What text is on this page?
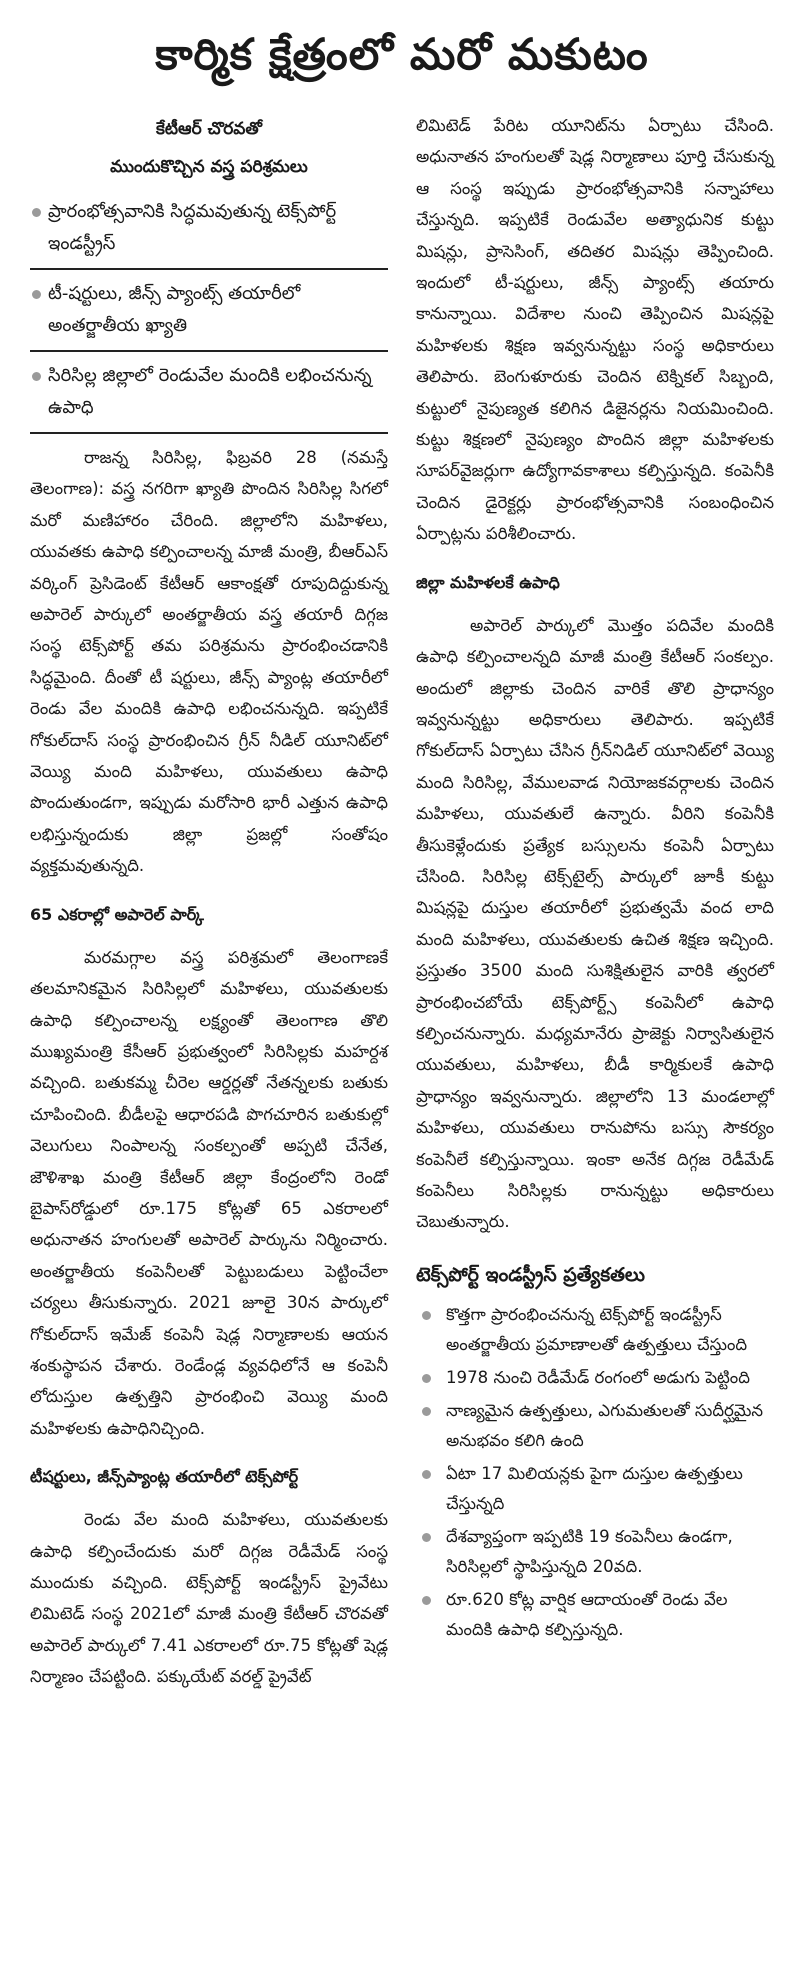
కార్మిక క్షేత్రంలో మరో మకుటం

కేటీఆర్ చొరవతో

ముందుకొచ్చిన వస్త్ర పరిశ్రమలు

ప్రారంభోత్సవానికి సిద్ధమవుతున్న టెక్స్‌పోర్ట్ ఇండస్ట్రీస్
టీ-షర్టులు, జీన్స్ ప్యాంట్స్ తయారీలో అంతర్జాతీయ ఖ్యాతి
సిరిసిల్ల జిల్లాలో రెండువేల మందికి లభించనున్న ఉపాధి

రాజన్న సిరిసిల్ల, ఫిబ్రవరి 28 (నమస్తే తెలంగాణ): వస్త్ర నగరిగా ఖ్యాతి పొందిన సిరిసిల్ల సిగలో మరో మణిహారం చేరింది. జిల్లాలోని మహిళలు, యువతకు ఉపాధి కల్పించాలన్న మాజీ మంత్రి, బీఆర్ఎస్ వర్కింగ్ ప్రెసిడెంట్ కేటీఆర్ ఆకాంక్షతో రూపుదిద్దుకున్న అపారెల్ పార్కులో అంతర్జాతీయ వస్త్ర తయారీ దిగ్గజ సంస్థ టెక్స్‌పోర్ట్ తమ పరిశ్రమను ప్రారంభించడానికి సిద్ధమైంది. దీంతో టీ షర్టులు, జీన్స్ ప్యాంట్ల తయారీలో రెండు వేల మందికి ఉపాధి లభించనున్నది. ఇప్పటికే గోకుల్‌దాస్ సంస్థ ప్రారంభించిన గ్రీన్ నీడిల్ యూనిట్‌లో వెయ్యి మంది మహిళలు, యువతులు ఉపాధి పొందుతుండగా, ఇప్పుడు మరోసారి భారీ ఎత్తున ఉపాధి లభిస్తున్నందుకు జిల్లా ప్రజల్లో సంతోషం వ్యక్తమవుతున్నది.

65 ఎకరాల్లో అపారెల్ పార్క్

మరమగ్గాల వస్త్ర పరిశ్రమలో తెలంగాణకే తలమానికమైన సిరిసిల్లలో మహిళలు, యువతులకు ఉపాధి కల్పించాలన్న లక్ష్యంతో తెలంగాణ తొలి ముఖ్యమంత్రి కేసీఆర్ ప్రభుత్వంలో సిరిసిల్లకు మహర్దశ వచ్చింది. బతుకమ్మ చీరెల ఆర్డర్లతో నేతన్నలకు బతుకు చూపించింది. బీడీలపై ఆధారపడి పొగచూరిన బతుకుల్లో వెలుగులు నింపాలన్న సంకల్పంతో అప్పటి చేనేత, జౌళిశాఖ మంత్రి కేటీఆర్ జిల్లా కేంద్రంలోని రెండో బైపాస్‌రోడ్డులో రూ.175 కోట్లతో 65 ఎకరాలలో అధునాతన హంగులతో అపారెల్ పార్కును నిర్మించారు. అంతర్జాతీయ కంపెనీలతో పెట్టుబడులు పెట్టించేలా చర్యలు తీసుకున్నారు. 2021 జూలై 30న పార్కులో గోకుల్‌దాస్ ఇమేజ్ కంపెనీ షెడ్ల నిర్మాణాలకు ఆయన శంకుస్థాపన చేశారు. రెండేండ్ల వ్యవధిలోనే ఆ కంపెనీ లోదుస్తుల ఉత్పత్తిని ప్రారంభించి వెయ్యి మంది మహిళలకు ఉపాధినిచ్చింది.

టీషర్టులు, జీన్స్‌ప్యాంట్ల తయారీలో టెక్స్‌పోర్ట్

రెండు వేల మంది మహిళలు, యువతులకు ఉపాధి కల్పించేందుకు మరో దిగ్గజ రెడీమేడ్ సంస్థ ముందుకు వచ్చింది. టెక్స్‌పోర్ట్ ఇండస్ట్రీస్ ప్రైవేటు లిమిటెడ్ సంస్థ 2021లో మాజీ మంత్రి కేటీఆర్ చొరవతో అపారెల్ పార్కులో 7.41 ఎకరాలలో రూ.75 కోట్లతో షెడ్ల నిర్మాణం చేపట్టింది. పక్కుయేట్ వరల్డ్ ప్రైవేట్

లిమిటెడ్ పేరిట యూనిట్‌ను ఏర్పాటు చేసింది. అధునాతన హంగులతో షెడ్ల నిర్మాణాలు పూర్తి చేసుకున్న ఆ సంస్థ ఇప్పుడు ప్రారంభోత్సవానికి సన్నాహాలు చేస్తున్నది. ఇప్పటికే రెండువేల అత్యాధునిక కుట్టు మిషన్లు, ప్రాసెసింగ్, తదితర మిషన్లు తెప్పించింది. ఇందులో టీ-షర్టులు, జీన్స్ ప్యాంట్స్ తయారు కానున్నాయి. విదేశాల నుంచి తెప్పించిన మిషన్లపై మహిళలకు శిక్షణ ఇవ్వనున్నట్టు సంస్థ అధికారులు తెలిపారు. బెంగుళూరుకు చెందిన టెక్నికల్ సిబ్బంది, కుట్టులో నైపుణ్యత కలిగిన డిజైనర్లను నియమించింది. కుట్టు శిక్షణలో నైపుణ్యం పొందిన జిల్లా మహిళలకు సూపర్‌వైజర్లుగా ఉద్యోగావకాశాలు కల్పిస్తున్నది. కంపెనీకి చెందిన డైరెక్టర్లు ప్రారంభోత్సవానికి సంబంధించిన ఏర్పాట్లను పరిశీలించారు.

జిల్లా మహిళలకే ఉపాధి

అపారెల్ పార్కులో మొత్తం పదివేల మందికి ఉపాధి కల్పించాలన్నది మాజీ మంత్రి కేటీఆర్ సంకల్పం. అందులో జిల్లాకు చెందిన వారికే తొలి ప్రాధాన్యం ఇవ్వనున్నట్టు అధికారులు తెలిపారు. ఇప్పటికే గోకుల్‌దాస్ ఏర్పాటు చేసిన గ్రీన్‌నిడిల్ యూనిట్‌లో వెయ్యి మంది సిరిసిల్ల, వేములవాడ నియోజకవర్గాలకు చెందిన మహిళలు, యువతులే ఉన్నారు. వీరిని కంపెనీకి తీసుకెళ్లేందుకు ప్రత్యేక బస్సులను కంపెనీ ఏర్పాటు చేసింది. సిరిసిల్ల టెక్స్‌టైల్స్ పార్కులో జూకీ కుట్టు మిషన్లపై దుస్తుల తయారీలో ప్రభుత్వమే వంద లాది మంది మహిళలు, యువతులకు ఉచిత శిక్షణ ఇచ్చింది. ప్రస్తుతం 3500 మంది సుశిక్షితులైన వారికి త్వరలో ప్రారంభించబోయే టెక్స్‌పోర్ట్స్ కంపెనీలో ఉపాధి కల్పించనున్నారు. మధ్యమానేరు ప్రాజెక్టు నిర్వాసితులైన యువతులు, మహిళలు, బీడీ కార్మికులకే ఉపాధి ప్రాధాన్యం ఇవ్వనున్నారు. జిల్లాలోని 13 మండలాల్లో మహిళలు, యువతులు రానుపోను బస్సు సౌకర్యం కంపెనీలే కల్పిస్తున్నాయి. ఇంకా అనేక దిగ్గజ రెడీమేడ్ కంపెనీలు సిరిసిల్లకు రానున్నట్టు అధికారులు చెబుతున్నారు.

టెక్స్‌పోర్ట్ ఇండస్ట్రీస్ ప్రత్యేకతలు

కొత్తగా ప్రారంభించనున్న టెక్స్‌పోర్ట్ ఇండస్ట్రీస్ అంతర్జాతీయ ప్రమాణాలతో ఉత్పత్తులు చేస్తుంది
1978 నుంచి రెడీమేడ్ రంగంలో అడుగు పెట్టింది
నాణ్యమైన ఉత్పత్తులు, ఎగుమతులతో సుదీర్ఘమైన అనుభవం కలిగి ఉంది
ఏటా 17 మిలియన్లకు పైగా దుస్తుల ఉత్పత్తులు చేస్తున్నది
దేశవ్యాప్తంగా ఇప్పటికి 19 కంపెనీలు ఉండగా, సిరిసిల్లలో స్థాపిస్తున్నది 20వది.
రూ.620 కోట్ల వార్షిక ఆదాయంతో రెండు వేల మందికి ఉపాధి కల్పిస్తున్నది.
